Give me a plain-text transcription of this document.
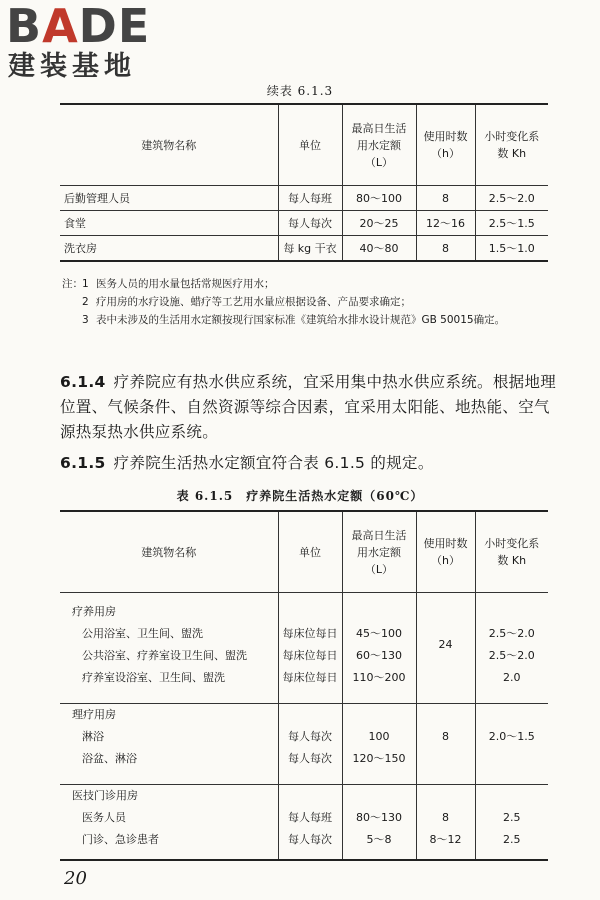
BADE
建装基地
续表 6.1.3
建筑物名称	单位	最高日生活用水定额（L）	使用时数（h）	小时变化系数 Kh
后勤管理人员	每人每班	80～100	8	2.5～2.0
食堂	每人每次	20～25	12～16	2.5～1.5
洗衣房	每 kg 干衣	40～80	8	1.5～1.0
注： 1 医务人员的用水量包括常规医疗用水；
2 疗用房的水疗设施、蜡疗等工艺用水量应根据设备、产品要求确定；
3 表中未涉及的生活用水定额按现行国家标准《建筑给水排水设计规范》GB 50015确定。
6.1.4 疗养院应有热水供应系统，宜采用集中热水供应系统。根据地理位置、气候条件、自然资源等综合因素，宜采用太阳能、地热能、空气源热泵热水供应系统。
6.1.5 疗养院生活热水定额宜符合表 6.1.5 的规定。
表 6.1.5　疗养院生活热水定额（60℃）
建筑物名称	单位	最高日生活用水定额（L）	使用时数（h）	小时变化系数 Kh

疗养用房			24	
公用浴室、卫生间、盥洗	每床位每日	45～100		2.5～2.0
公共浴室、疗养室设卫生间、盥洗	每床位每日	60～130		2.5～2.0
疗养室设浴室、卫生间、盥洗	每床位每日	110～200		2.0

理疗用房			8	2.0～1.5
淋浴	每人每次	100		
浴盆、淋浴	每人每次	120～150		

医技门诊用房				
医务人员	每人每班	80～130	8	2.5
门诊、急诊患者	每人每次	5～8	8～12	2.5

20
